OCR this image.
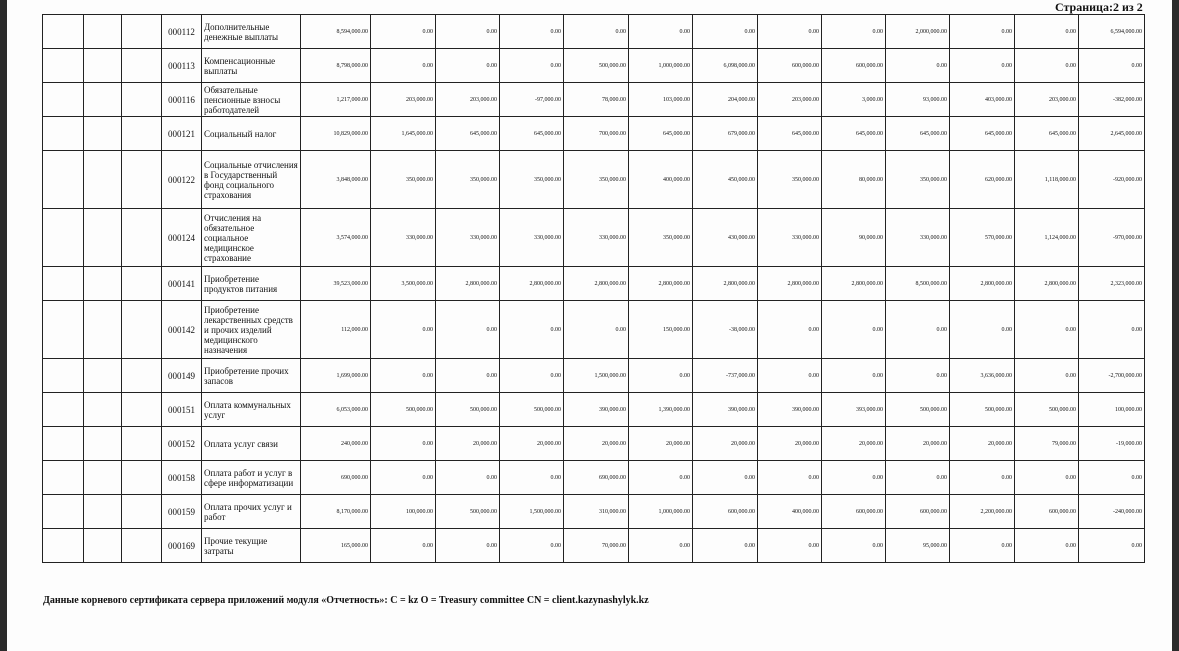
Страница:2 из 2
			000112	Дополнительные денежные выплаты	8,594,000.00	0.00	0.00	0.00	0.00	0.00	0.00	0.00	0.00	2,000,000.00	0.00	0.00	6,594,000.00
			000113	Компенсационные выплаты	8,798,000.00	0.00	0.00	0.00	500,000.00	1,000,000.00	6,098,000.00	600,000.00	600,000.00	0.00	0.00	0.00	0.00
			000116	Обязательные пенсионные взносы работодателей	1,217,000.00	203,000.00	203,000.00	-97,000.00	78,000.00	103,000.00	204,000.00	203,000.00	3,000.00	93,000.00	403,000.00	203,000.00	-382,000.00
			000121	Социальный налог	10,829,000.00	1,645,000.00	645,000.00	645,000.00	700,000.00	645,000.00	679,000.00	645,000.00	645,000.00	645,000.00	645,000.00	645,000.00	2,645,000.00
			000122	Социальные отчисления в Государственный фонд социального страхования	3,848,000.00	350,000.00	350,000.00	350,000.00	350,000.00	400,000.00	450,000.00	350,000.00	80,000.00	350,000.00	620,000.00	1,118,000.00	-920,000.00
			000124	Отчисления на обязательное социальное медицинское страхование	3,574,000.00	330,000.00	330,000.00	330,000.00	330,000.00	350,000.00	430,000.00	330,000.00	90,000.00	330,000.00	570,000.00	1,124,000.00	-970,000.00
			000141	Приобретение продуктов питания	39,523,000.00	3,500,000.00	2,800,000.00	2,800,000.00	2,800,000.00	2,800,000.00	2,800,000.00	2,800,000.00	2,800,000.00	8,500,000.00	2,800,000.00	2,800,000.00	2,323,000.00
			000142	Приобретение лекарственных средств и прочих изделий медицинского назначения	112,000.00	0.00	0.00	0.00	0.00	150,000.00	-38,000.00	0.00	0.00	0.00	0.00	0.00	0.00
			000149	Приобретение прочих запасов	1,699,000.00	0.00	0.00	0.00	1,500,000.00	0.00	-737,000.00	0.00	0.00	0.00	3,636,000.00	0.00	-2,700,000.00
			000151	Оплата коммунальных услуг	6,053,000.00	500,000.00	500,000.00	500,000.00	390,000.00	1,390,000.00	390,000.00	390,000.00	393,000.00	500,000.00	500,000.00	500,000.00	100,000.00
			000152	Оплата услуг связи	240,000.00	0.00	20,000.00	20,000.00	20,000.00	20,000.00	20,000.00	20,000.00	20,000.00	20,000.00	20,000.00	79,000.00	-19,000.00
			000158	Оплата работ и услуг в сфере информатизации	690,000.00	0.00	0.00	0.00	690,000.00	0.00	0.00	0.00	0.00	0.00	0.00	0.00	0.00
			000159	Оплата прочих услуг и работ	8,170,000.00	100,000.00	500,000.00	1,500,000.00	310,000.00	1,000,000.00	600,000.00	400,000.00	600,000.00	600,000.00	2,200,000.00	600,000.00	-240,000.00
			000169	Прочие текущие затраты	165,000.00	0.00	0.00	0.00	70,000.00	0.00	0.00	0.00	0.00	95,000.00	0.00	0.00	0.00
Данные корневого сертификата сервера приложений модуля «Отчетность»: С = kz O = Treasury committee CN = client.kazynashylyk.kz
